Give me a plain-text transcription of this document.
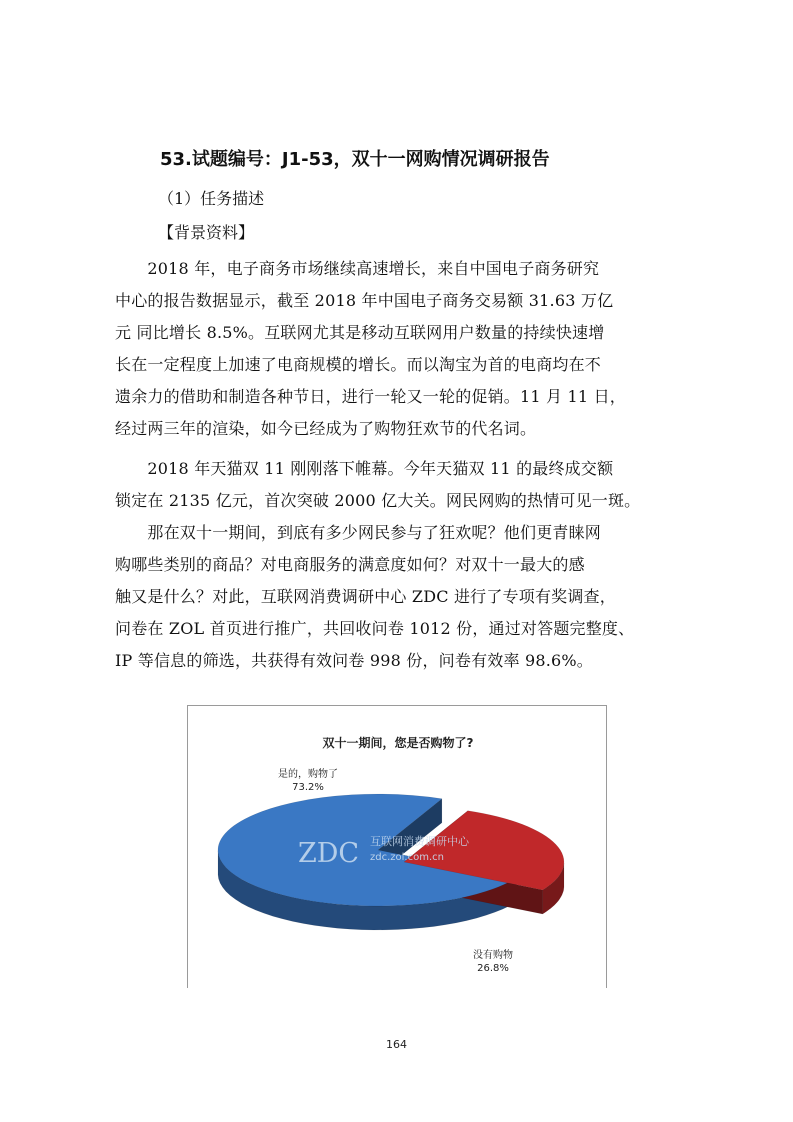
53.试题编号：J1-53，双十一网购情况调研报告
（1）任务描述
【背景资料】
　　2018 年，电子商务市场继续高速增长，来自中国电子商务研究
中心的报告数据显示，截至 2018 年中国电子商务交易额 31.63 万亿
元 同比增长 8.5%。互联网尤其是移动互联网用户数量的持续快速增
长在一定程度上加速了电商规模的增长。而以淘宝为首的电商均在不
遗余力的借助和制造各种节日，进行一轮又一轮的促销。11 月 11 日，
经过两三年的渲染，如今已经成为了购物狂欢节的代名词。
　　2018 年天猫双 11 刚刚落下帷幕。今年天猫双 11 的最终成交额
锁定在 2135 亿元，首次突破 2000 亿大关。网民网购的热情可见一斑。
　　那在双十一期间，到底有多少网民参与了狂欢呢？他们更青睐网
购哪些类别的商品？对电商服务的满意度如何？对双十一最大的感
触又是什么？对此，互联网消费调研中心 ZDC 进行了专项有奖调查，
问卷在 ZOL 首页进行推广，共回收问卷 1012 份，通过对答题完整度、
IP 等信息的筛选，共获得有效问卷 998 份，问卷有效率 98.6%。
双十一期间，您是否购物了?
ZDC 互联网消费调研中心
zdc.zol.com.cn
是的，购物了
73.2%
没有购物
26.8%
164
